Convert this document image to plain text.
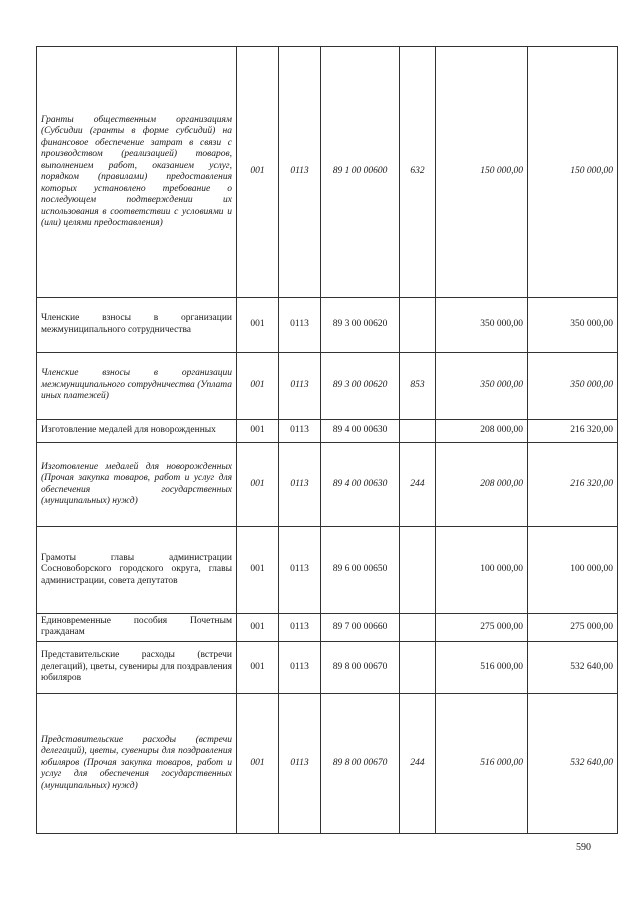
Гранты общественным организациям (Субсидии (гранты в форме субсидий) на финансовое обеспечение затрат в связи с производством (реализацией) товаров, выполнением работ, оказанием услуг, порядком (правилами) предоставления которых установлено требование о последующем подтверждении их использования в соответствии с условиями и (или) целями предоставления)	001	0113	89 1 00 00600	632	150 000,00	150 000,00
Членские взносы в организации межмуниципального сотрудничества	001	0113	89 3 00 00620		350 000,00	350 000,00
Членские взносы в организации межмуниципального сотрудничества (Уплата иных платежей)	001	0113	89 3 00 00620	853	350 000,00	350 000,00
Изготовление медалей для новорожденных	001	0113	89 4 00 00630		208 000,00	216 320,00
Изготовление медалей для новорожденных (Прочая закупка товаров, работ и услуг для обеспечения государственных (муниципальных) нужд)	001	0113	89 4 00 00630	244	208 000,00	216 320,00
Грамоты главы администрации Сосновоборского городского округа, главы администрации, совета депутатов	001	0113	89 6 00 00650		100 000,00	100 000,00
Единовременные пособия Почетным гражданам	001	0113	89 7 00 00660		275 000,00	275 000,00
Представительские расходы (встречи делегаций), цветы, сувениры для поздравления юбиляров	001	0113	89 8 00 00670		516 000,00	532 640,00
Представительские расходы (встречи делегаций), цветы, сувениры для поздравления юбиляров (Прочая закупка товаров, работ и услуг для обеспечения государственных (муниципальных) нужд)	001	0113	89 8 00 00670	244	516 000,00	532 640,00
590
